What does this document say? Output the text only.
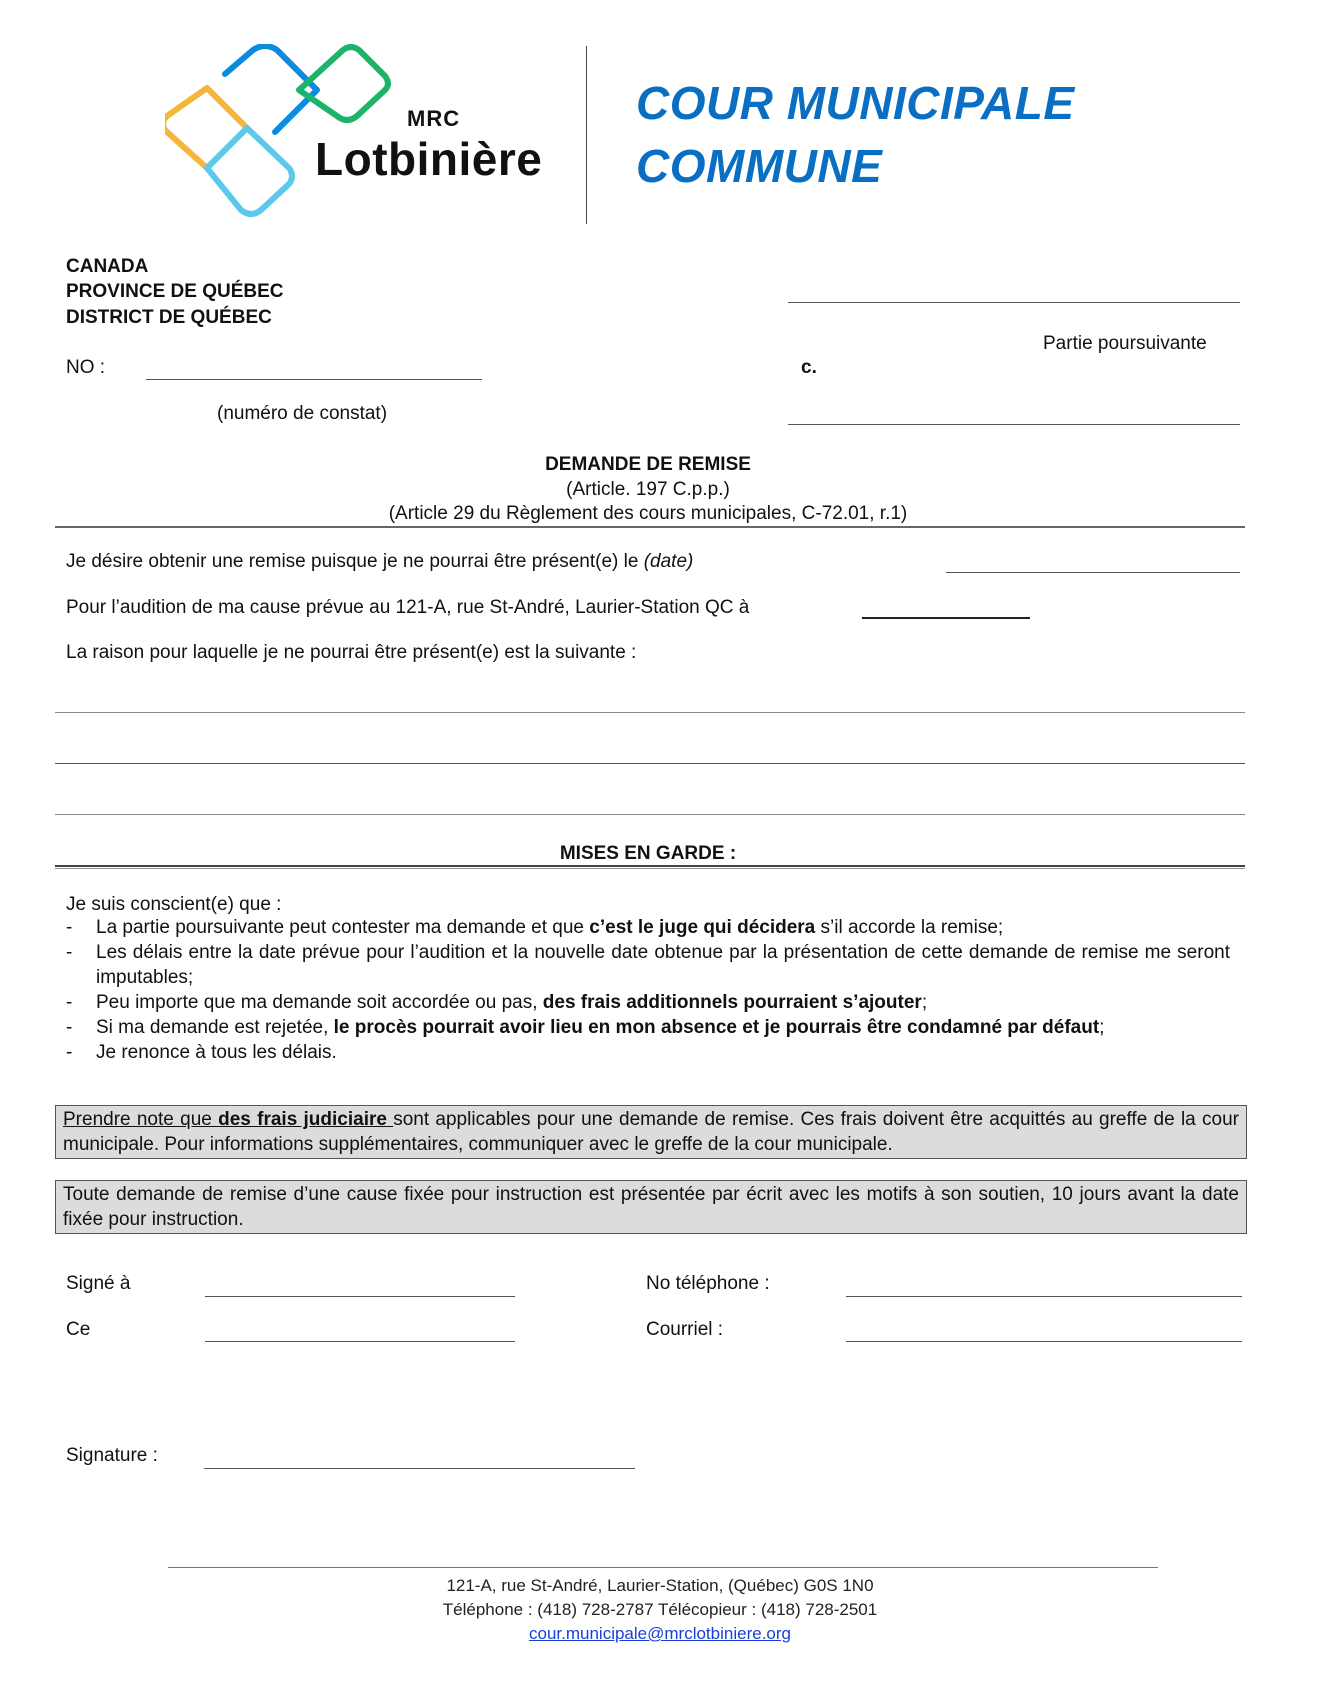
MRC
Lotbinière
COUR MUNICIPALE
COMMUNE
CANADA
PROVINCE DE QUÉBEC
DISTRICT DE QUÉBEC
NO :
(numéro de constat)
Partie poursuivante
c.
DEMANDE DE REMISE
(Article. 197 C.p.p.)
(Article 29 du Règlement des cours municipales, C-72.01, r.1)
Je désire obtenir une remise puisque je ne pourrai être présent(e) le (date)
Pour l’audition de ma cause prévue au 121-A, rue St-André, Laurier-Station QC à
La raison pour laquelle je ne pourrai être présent(e) est la suivante :
MISES EN GARDE :
Je suis conscient(e) que :
-	La partie poursuivante peut contester ma demande et que c’est le juge qui décidera s’il accorde la remise;
-	Les délais entre la date prévue pour l’audition et la nouvelle date obtenue par la présentation de cette demande de remise me seront imputables;
-	Peu importe que ma demande soit accordée ou pas, des frais additionnels pourraient s’ajouter;
-	Si ma demande est rejetée, le procès pourrait avoir lieu en mon absence et je pourrais être condamné par défaut;
-	Je renonce à tous les délais.
Prendre note que des frais judiciaire sont applicables pour une demande de remise. Ces frais doivent être acquittés au greffe de la cour municipale. Pour informations supplémentaires, communiquer avec le greffe de la cour municipale.
Toute demande de remise d’une cause fixée pour instruction est présentée par écrit avec les motifs à son soutien, 10 jours avant la date fixée pour instruction.
Signé à	No téléphone :
Ce	Courriel :
Signature :
121-A, rue St-André, Laurier-Station, (Québec) G0S 1N0
Téléphone : (418) 728-2787 Télécopieur : (418) 728-2501
cour.municipale@mrclotbiniere.org
